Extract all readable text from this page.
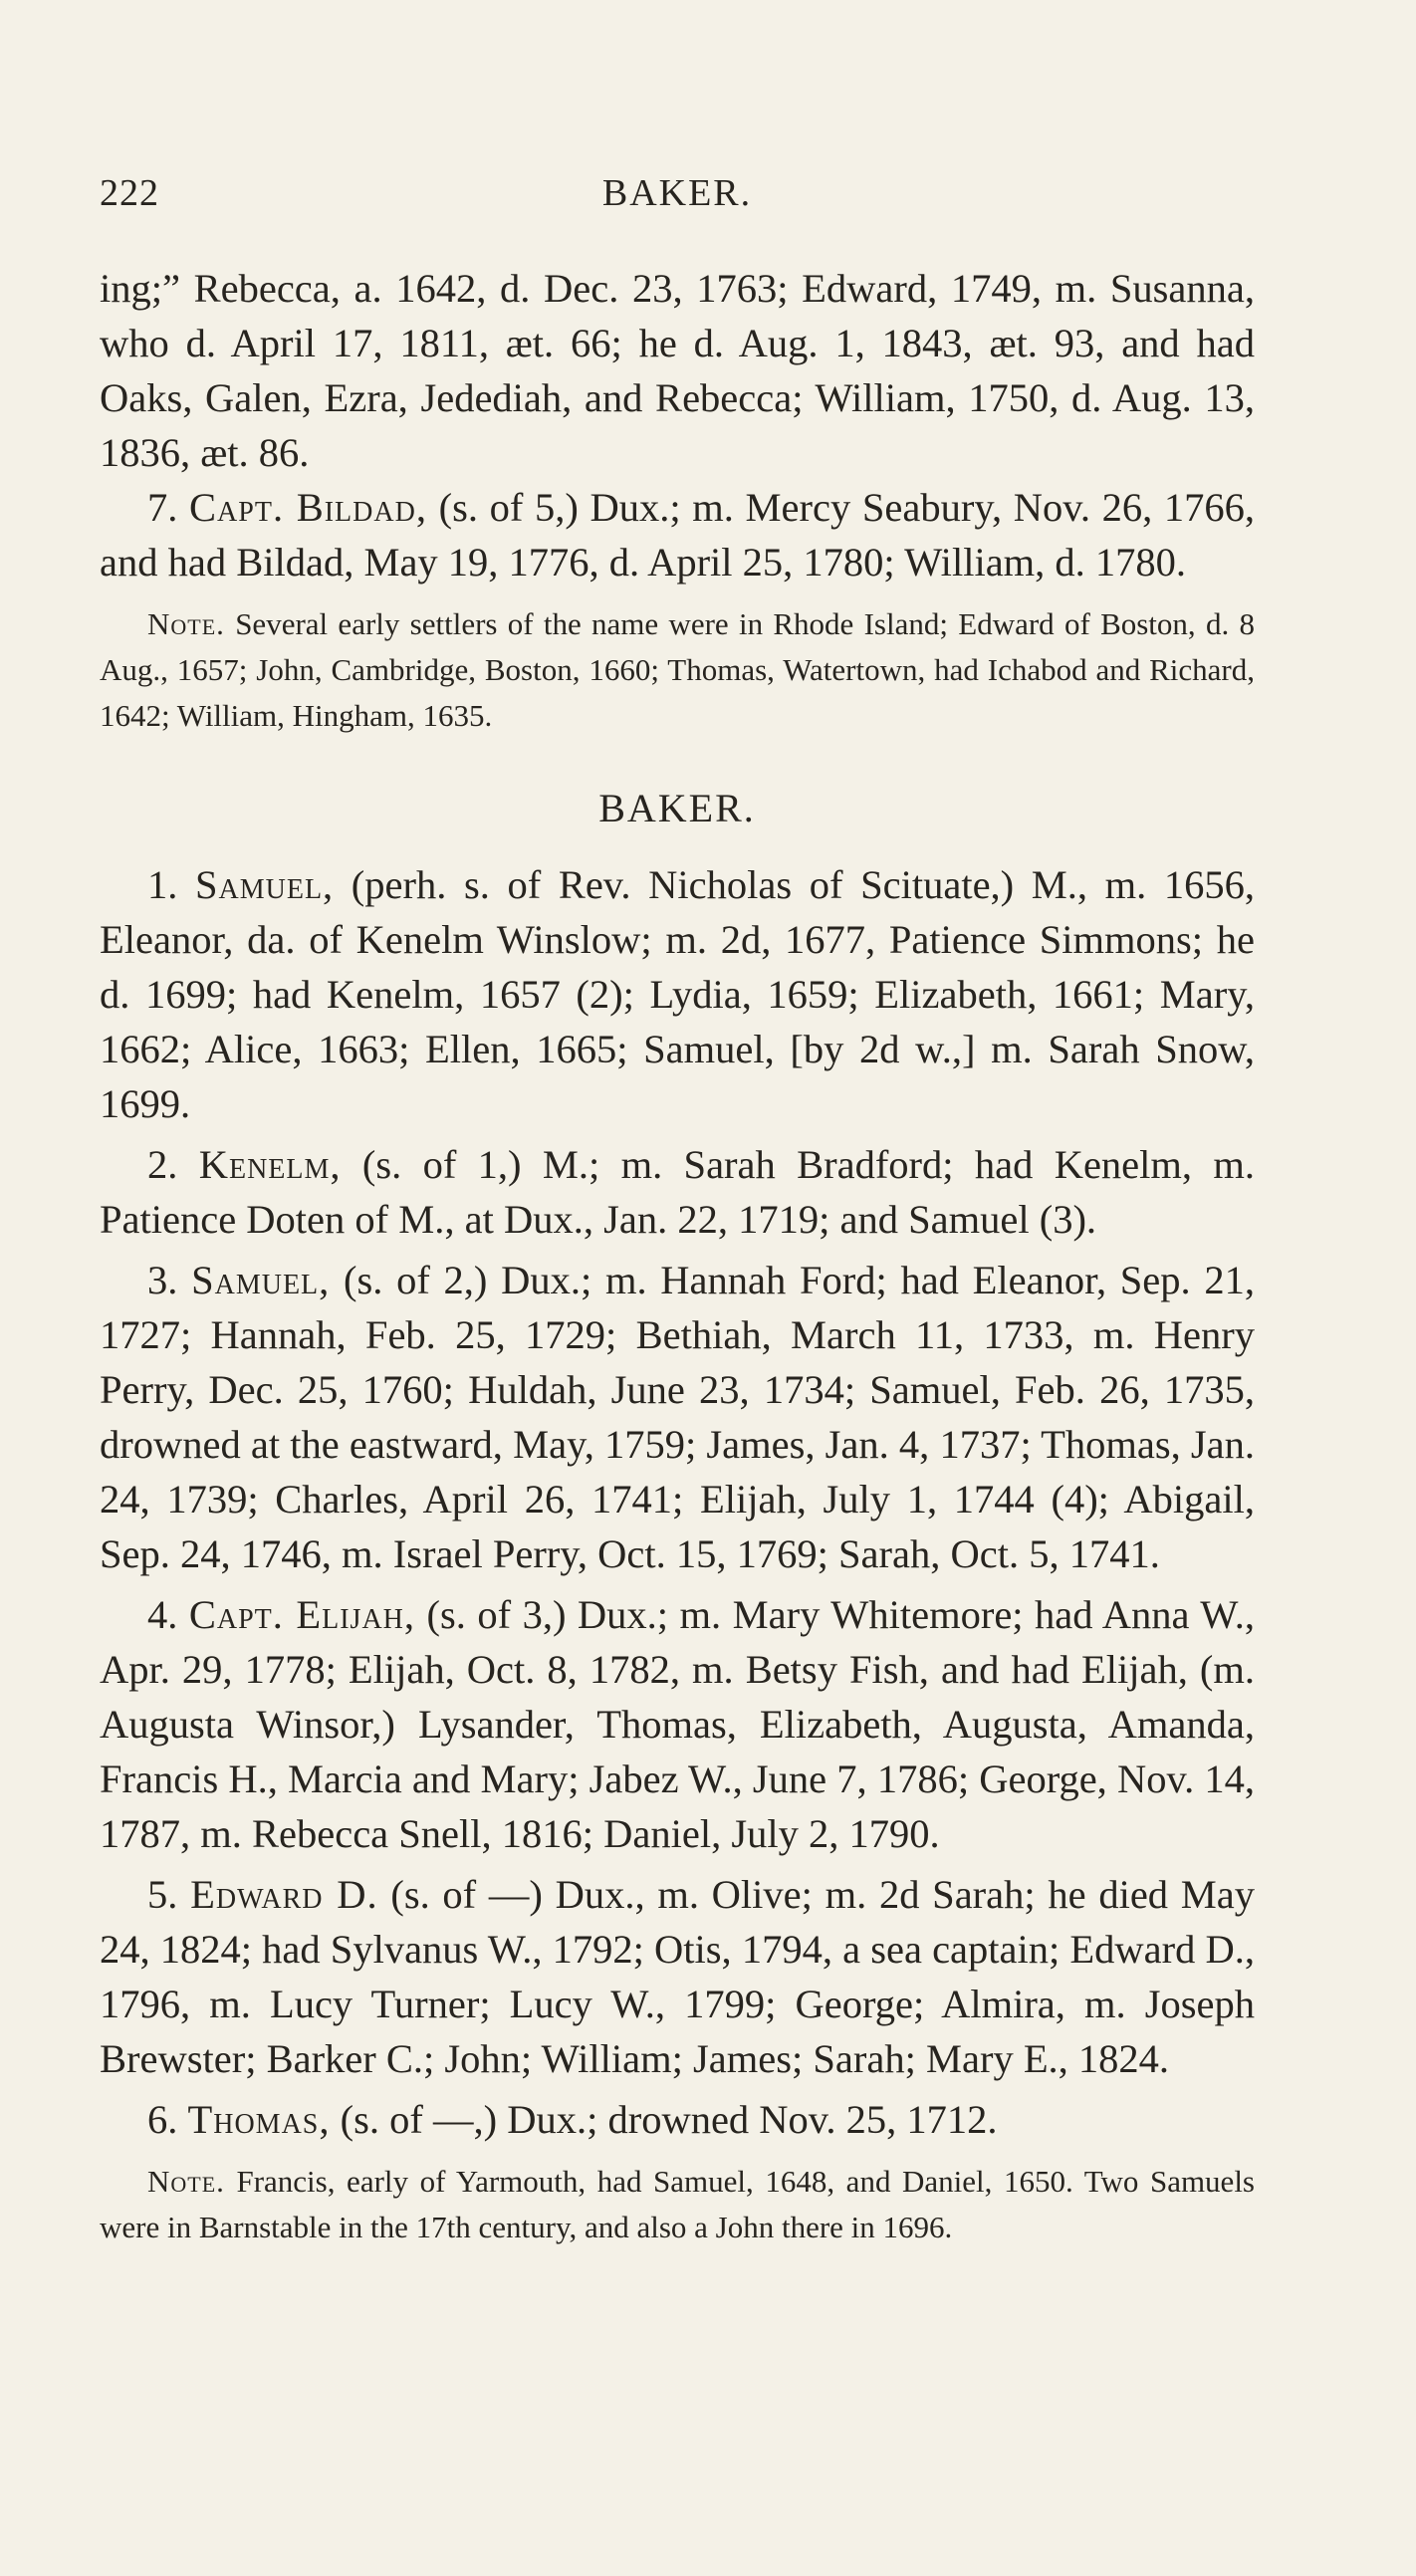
222	BAKER.

ing;” Rebecca, a. 1642, d. Dec. 23, 1763; Edward, 1749, m. Susanna, who d. April 17, 1811, æt. 66; he d. Aug. 1, 1843, æt. 93, and had Oaks, Galen, Ezra, Jedediah, and Rebecca; William, 1750, d. Aug. 13, 1836, æt. 86.

7. Capt. Bildad, (s. of 5,) Dux.; m. Mercy Seabury, Nov. 26, 1766, and had Bildad, May 19, 1776, d. April 25, 1780; William, d. 1780.

Note. Several early settlers of the name were in Rhode Island; Edward of Boston, d. 8 Aug., 1657; John, Cambridge, Boston, 1660; Thomas, Watertown, had Ichabod and Richard, 1642; William, Hingham, 1635.

BAKER.

1. Samuel, (perh. s. of Rev. Nicholas of Scituate,) M., m. 1656, Eleanor, da. of Kenelm Winslow; m. 2d, 1677, Patience Simmons; he d. 1699; had Kenelm, 1657 (2); Lydia, 1659; Elizabeth, 1661; Mary, 1662; Alice, 1663; Ellen, 1665; Samuel, [by 2d w.,] m. Sarah Snow, 1699.

2. Kenelm, (s. of 1,) M.; m. Sarah Bradford; had Kenelm, m. Patience Doten of M., at Dux., Jan. 22, 1719; and Samuel (3).

3. Samuel, (s. of 2,) Dux.; m. Hannah Ford; had Eleanor, Sep. 21, 1727; Hannah, Feb. 25, 1729; Bethiah, March 11, 1733, m. Henry Perry, Dec. 25, 1760; Huldah, June 23, 1734; Samuel, Feb. 26, 1735, drowned at the eastward, May, 1759; James, Jan. 4, 1737; Thomas, Jan. 24, 1739; Charles, April 26, 1741; Elijah, July 1, 1744 (4); Abigail, Sep. 24, 1746, m. Israel Perry, Oct. 15, 1769; Sarah, Oct. 5, 1741.

4. Capt. Elijah, (s. of 3,) Dux.; m. Mary Whitemore; had Anna W., Apr. 29, 1778; Elijah, Oct. 8, 1782, m. Betsy Fish, and had Elijah, (m. Augusta Winsor,) Lysander, Thomas, Elizabeth, Augusta, Amanda, Francis H., Marcia and Mary; Jabez W., June 7, 1786; George, Nov. 14, 1787, m. Rebecca Snell, 1816; Daniel, July 2, 1790.

5. Edward D. (s. of —) Dux., m. Olive; m. 2d Sarah; he died May 24, 1824; had Sylvanus W., 1792; Otis, 1794, a sea captain; Edward D., 1796, m. Lucy Turner; Lucy W., 1799; George; Almira, m. Joseph Brewster; Barker C.; John; William; James; Sarah; Mary E., 1824.

6. Thomas, (s. of —,) Dux.; drowned Nov. 25, 1712.

Note. Francis, early of Yarmouth, had Samuel, 1648, and Daniel, 1650. Two Samuels were in Barnstable in the 17th century, and also a John there in 1696.
